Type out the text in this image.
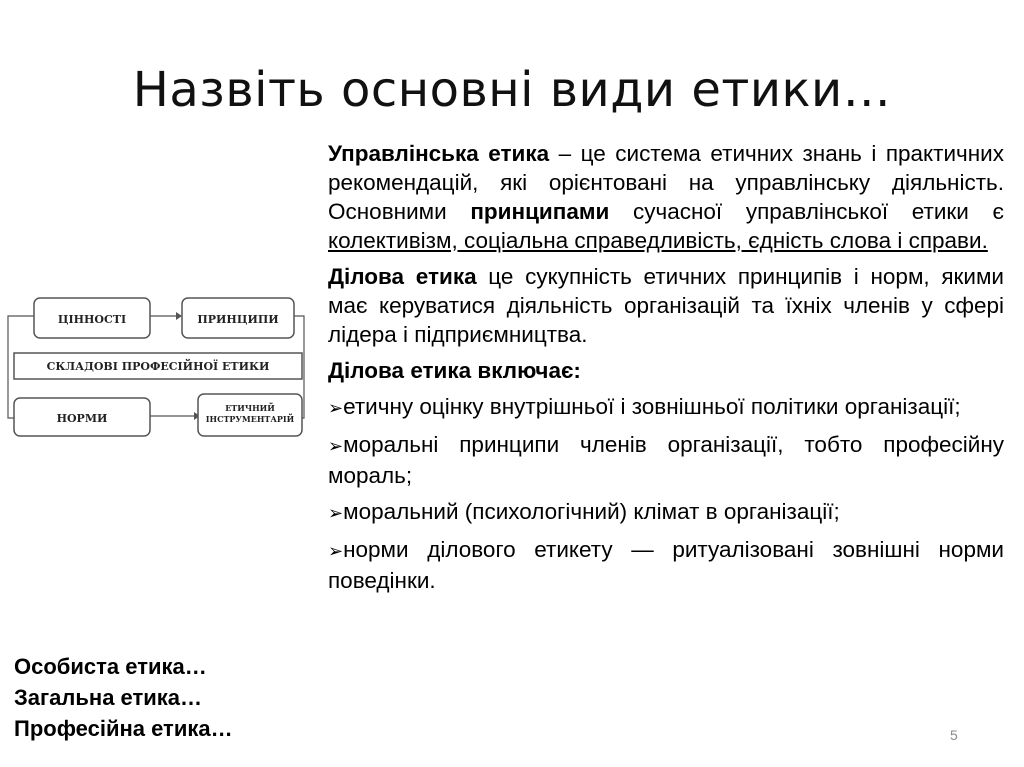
Назвіть основні види етики…
ЦІННОСТІ	ПРИНЦИПИ
СКЛАДОВІ ПРОФЕСІЙНОЇ ЕТИКИ
НОРМИ
ЕТИЧНИЙ
ІНСТРУМЕНТАРІЙ

Управлінська етика – це система етичних знань і практичних рекомендацій, які орієнтовані на управлінську діяльність. Основними принципами сучасної управлінської етики є колективізм, соціальна справедливість, єдність слова і справи.

Ділова етика це сукупність етичних принципів і норм, якими має керуватися діяльність організацій та їхніх членів у сфері лідера і підприємництва.

Ділова етика включає:

➢етичну оцінку внутрішньої і зовнішньої політики організації;

➢моральні принципи членів організації, тобто професійну мораль;

➢моральний (психологічний) клімат в організації;

➢норми ділового етикету — ритуалізовані зовнішні норми поведінки.

Особиста етика…
Загальна етика…
Професійна етика…	5
